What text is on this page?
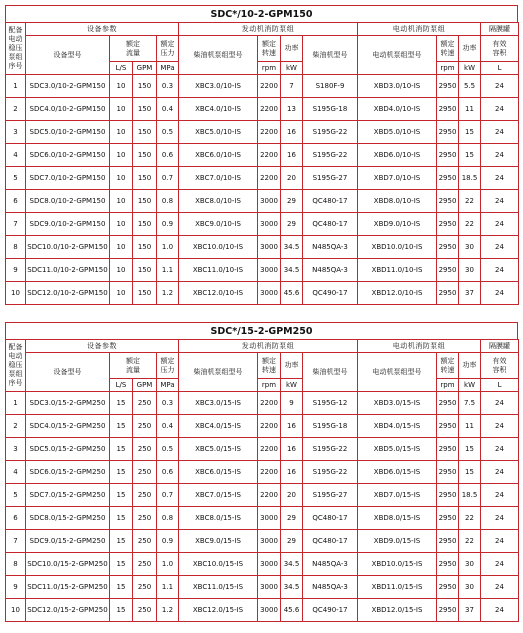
SDC*/10-2-GPM150
配备
电动
稳压
泵组
序号	设备参数				发动机消防泵组				电动机消防泵组			隔膜罐
	设备型号	额定
流量		额定
压力	柴油机泵组型号	额定
转速	功率	柴油机型号	电动机泵组型号	额定
转速	功率	有效
容积
		L/S	GPM	MPa		rpm	kW			rpm	kW	L
1	SDC3.0/10-2-GPM150	10	150	0.3	XBC3.0/10-IS	2200	7	S180F-9	XBD3.0/10-IS	2950	5.5	24
2	SDC4.0/10-2-GPM150	10	150	0.4	XBC4.0/10-IS	2200	13	S195G-18	XBD4.0/10-IS	2950	11	24
3	SDC5.0/10-2-GPM150	10	150	0.5	XBC5.0/10-IS	2200	16	S195G-22	XBD5.0/10-IS	2950	15	24
4	SDC6.0/10-2-GPM150	10	150	0.6	XBC6.0/10-IS	2200	16	S195G-22	XBD6.0/10-IS	2950	15	24
5	SDC7.0/10-2-GPM150	10	150	0.7	XBC7.0/10-IS	2200	20	S195G-27	XBD7.0/10-IS	2950	18.5	24
6	SDC8.0/10-2-GPM150	10	150	0.8	XBC8.0/10-IS	3000	29	QC480-17	XBD8.0/10-IS	2950	22	24
7	SDC9.0/10-2-GPM150	10	150	0.9	XBC9.0/10-IS	3000	29	QC480-17	XBD9.0/10-IS	2950	22	24
8	SDC10.0/10-2-GPM150	10	150	1.0	XBC10.0/10-IS	3000	34.5	N485QA-3	XBD10.0/10-IS	2950	30	24
9	SDC11.0/10-2-GPM150	10	150	1.1	XBC11.0/10-IS	3000	34.5	N485QA-3	XBD11.0/10-IS	2950	30	24
10	SDC12.0/10-2-GPM150	10	150	1.2	XBC12.0/10-IS	3000	45.6	QC490-17	XBD12.0/10-IS	2950	37	24
SDC*/15-2-GPM250
配备
电动
稳压
泵组
序号	设备参数				发动机消防泵组				电动机消防泵组			隔膜罐
	设备型号	额定
流量		额定
压力	柴油机泵组型号	额定
转速	功率	柴油机型号	电动机泵组型号	额定
转速	功率	有效
容积
		L/S	GPM	MPa		rpm	kW			rpm	kW	L
1	SDC3.0/15-2-GPM250	15	250	0.3	XBC3.0/15-IS	2200	9	S195G-12	XBD3.0/15-IS	2950	7.5	24
2	SDC4.0/15-2-GPM250	15	250	0.4	XBC4.0/15-IS	2200	16	S195G-18	XBD4.0/15-IS	2950	11	24
3	SDC5.0/15-2-GPM250	15	250	0.5	XBC5.0/15-IS	2200	16	S195G-22	XBD5.0/15-IS	2950	15	24
4	SDC6.0/15-2-GPM250	15	250	0.6	XBC6.0/15-IS	2200	16	S195G-22	XBD6.0/15-IS	2950	15	24
5	SDC7.0/15-2-GPM250	15	250	0.7	XBC7.0/15-IS	2200	20	S195G-27	XBD7.0/15-IS	2950	18.5	24
6	SDC8.0/15-2-GPM250	15	250	0.8	XBC8.0/15-IS	3000	29	QC480-17	XBD8.0/15-IS	2950	22	24
7	SDC9.0/15-2-GPM250	15	250	0.9	XBC9.0/15-IS	3000	29	QC480-17	XBD9.0/15-IS	2950	22	24
8	SDC10.0/15-2-GPM250	15	250	1.0	XBC10.0/15-IS	3000	34.5	N485QA-3	XBD10.0/15-IS	2950	30	24
9	SDC11.0/15-2-GPM250	15	250	1.1	XBC11.0/15-IS	3000	34.5	N485QA-3	XBD11.0/15-IS	2950	30	24
10	SDC12.0/15-2-GPM250	15	250	1.2	XBC12.0/15-IS	3000	45.6	QC490-17	XBD12.0/15-IS	2950	37	24
